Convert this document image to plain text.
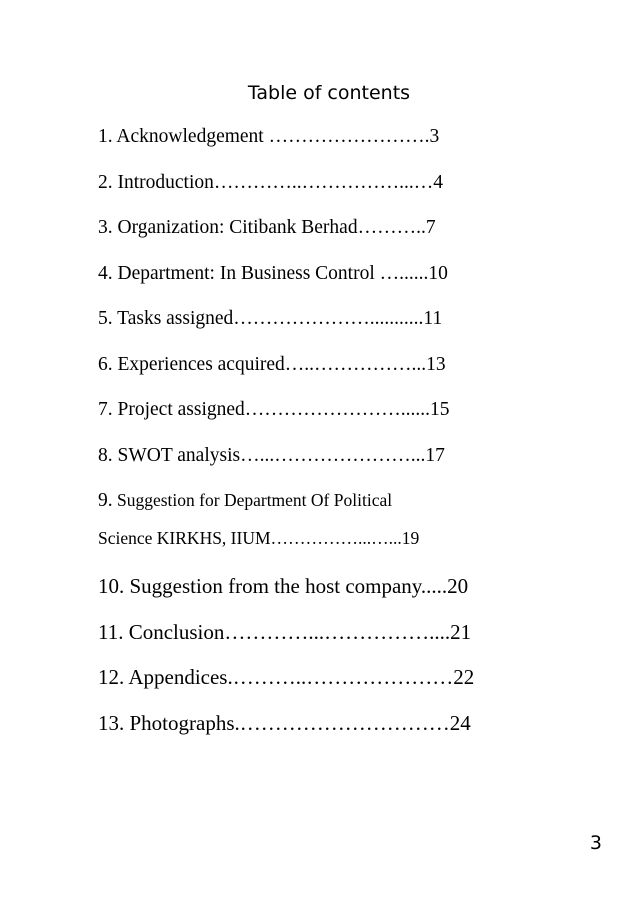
Table of contents
1. Acknowledgement …………………….3
2. Introduction…………..……………...…4
3. Organization: Citibank Berhad………..7
4. Department: In Business Control …......10
5. Tasks assigned…………………...........11
6. Experiences acquired…..……………...13
7. Project assigned……………………......15
8. SWOT analysis…...…………………...17
9. Suggestion for Department Of Political
Science KIRKHS, IIUM……………...…...19
10. Suggestion from the host company.....20
11. Conclusion…………...……………....21
12. Appendices.………..…………………22
13. Photographs.…………………………24
3
